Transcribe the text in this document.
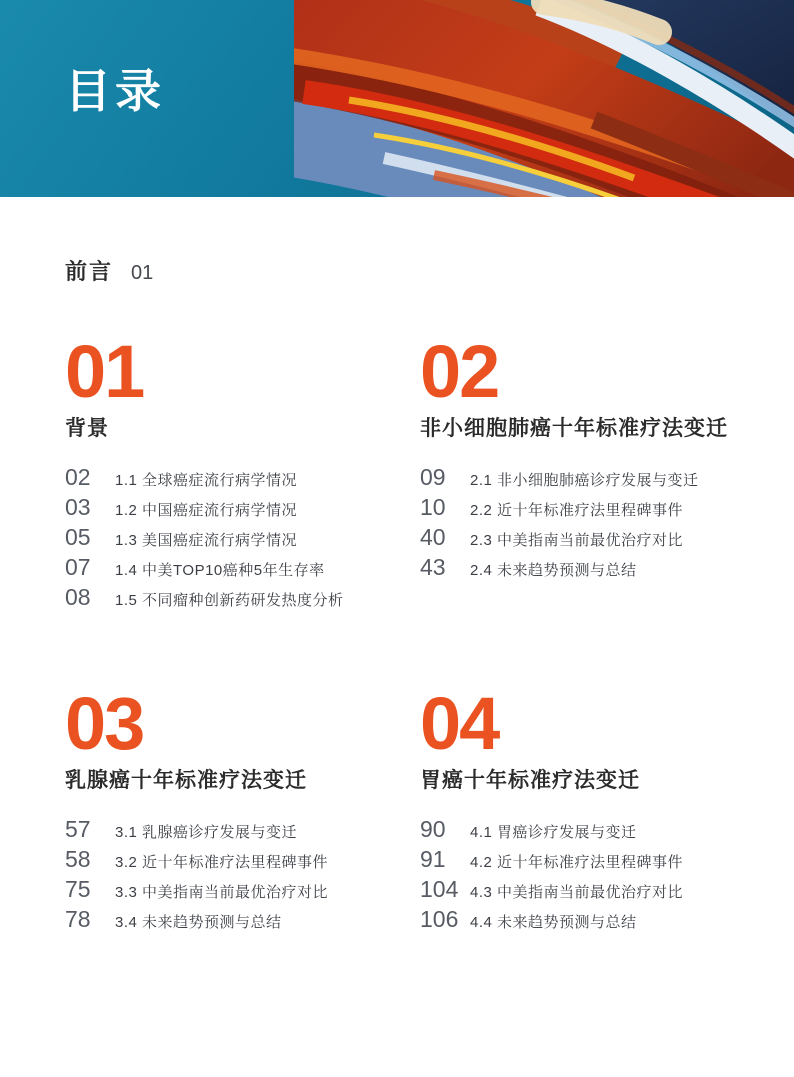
目录
前言 01
01
背景
02	1.1 全球癌症流行病学情况
03	1.2 中国癌症流行病学情况
05	1.3 美国癌症流行病学情况
07	1.4 中美TOP10癌种5年生存率
08	1.5 不同瘤种创新药研发热度分析
02
非小细胞肺癌十年标准疗法变迁
09	2.1 非小细胞肺癌诊疗发展与变迁
10	2.2 近十年标准疗法里程碑事件
40	2.3 中美指南当前最优治疗对比
43	2.4 未来趋势预测与总结
03
乳腺癌十年标准疗法变迁
57	3.1 乳腺癌诊疗发展与变迁
58	3.2 近十年标准疗法里程碑事件
75	3.3 中美指南当前最优治疗对比
78	3.4 未来趋势预测与总结
04
胃癌十年标准疗法变迁
90	4.1 胃癌诊疗发展与变迁
91	4.2 近十年标准疗法里程碑事件
104 4.3 中美指南当前最优治疗对比
106 4.4 未来趋势预测与总结
